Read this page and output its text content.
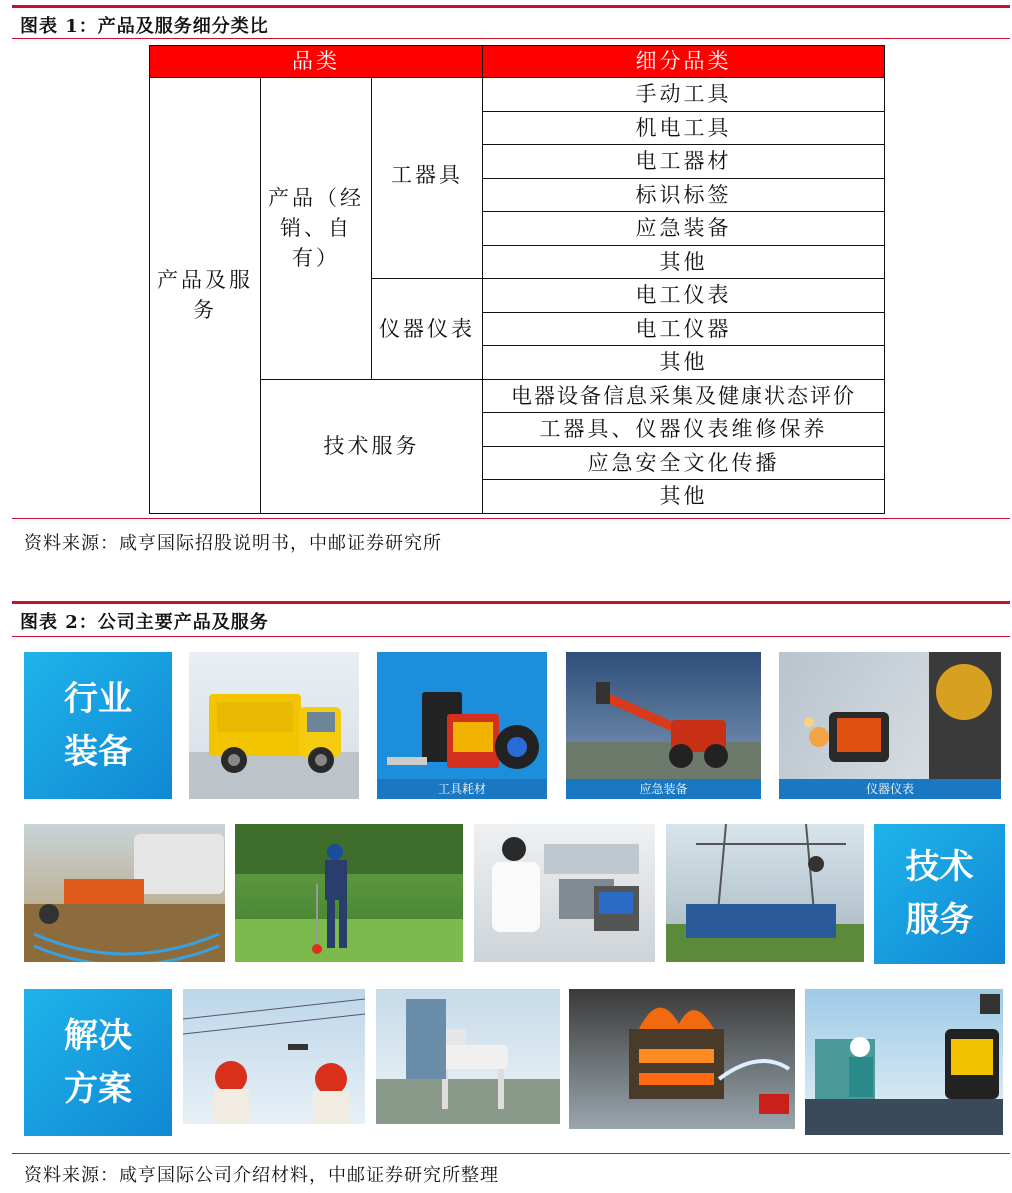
图表 1：产品及服务细分类比
品类			细分品类
产品及服务	产品（经销、自有）	工器具	手动工具
			机电工具
			电工器材
			标识标签
			应急装备
			其他
		仪器仪表	电工仪表
			电工仪器
			其他
	技术服务		电器设备信息采集及健康状态评价
			工器具、仪器仪表维修保养
			应急安全文化传播
			其他
资料来源：咸亨国际招股说明书，中邮证券研究所
图表 2：公司主要产品及服务
行业
装备
工具耗材	应急装备	仪器仪表
技术
服务
解决
方案
资料来源：咸亨国际公司介绍材料，中邮证券研究所整理
